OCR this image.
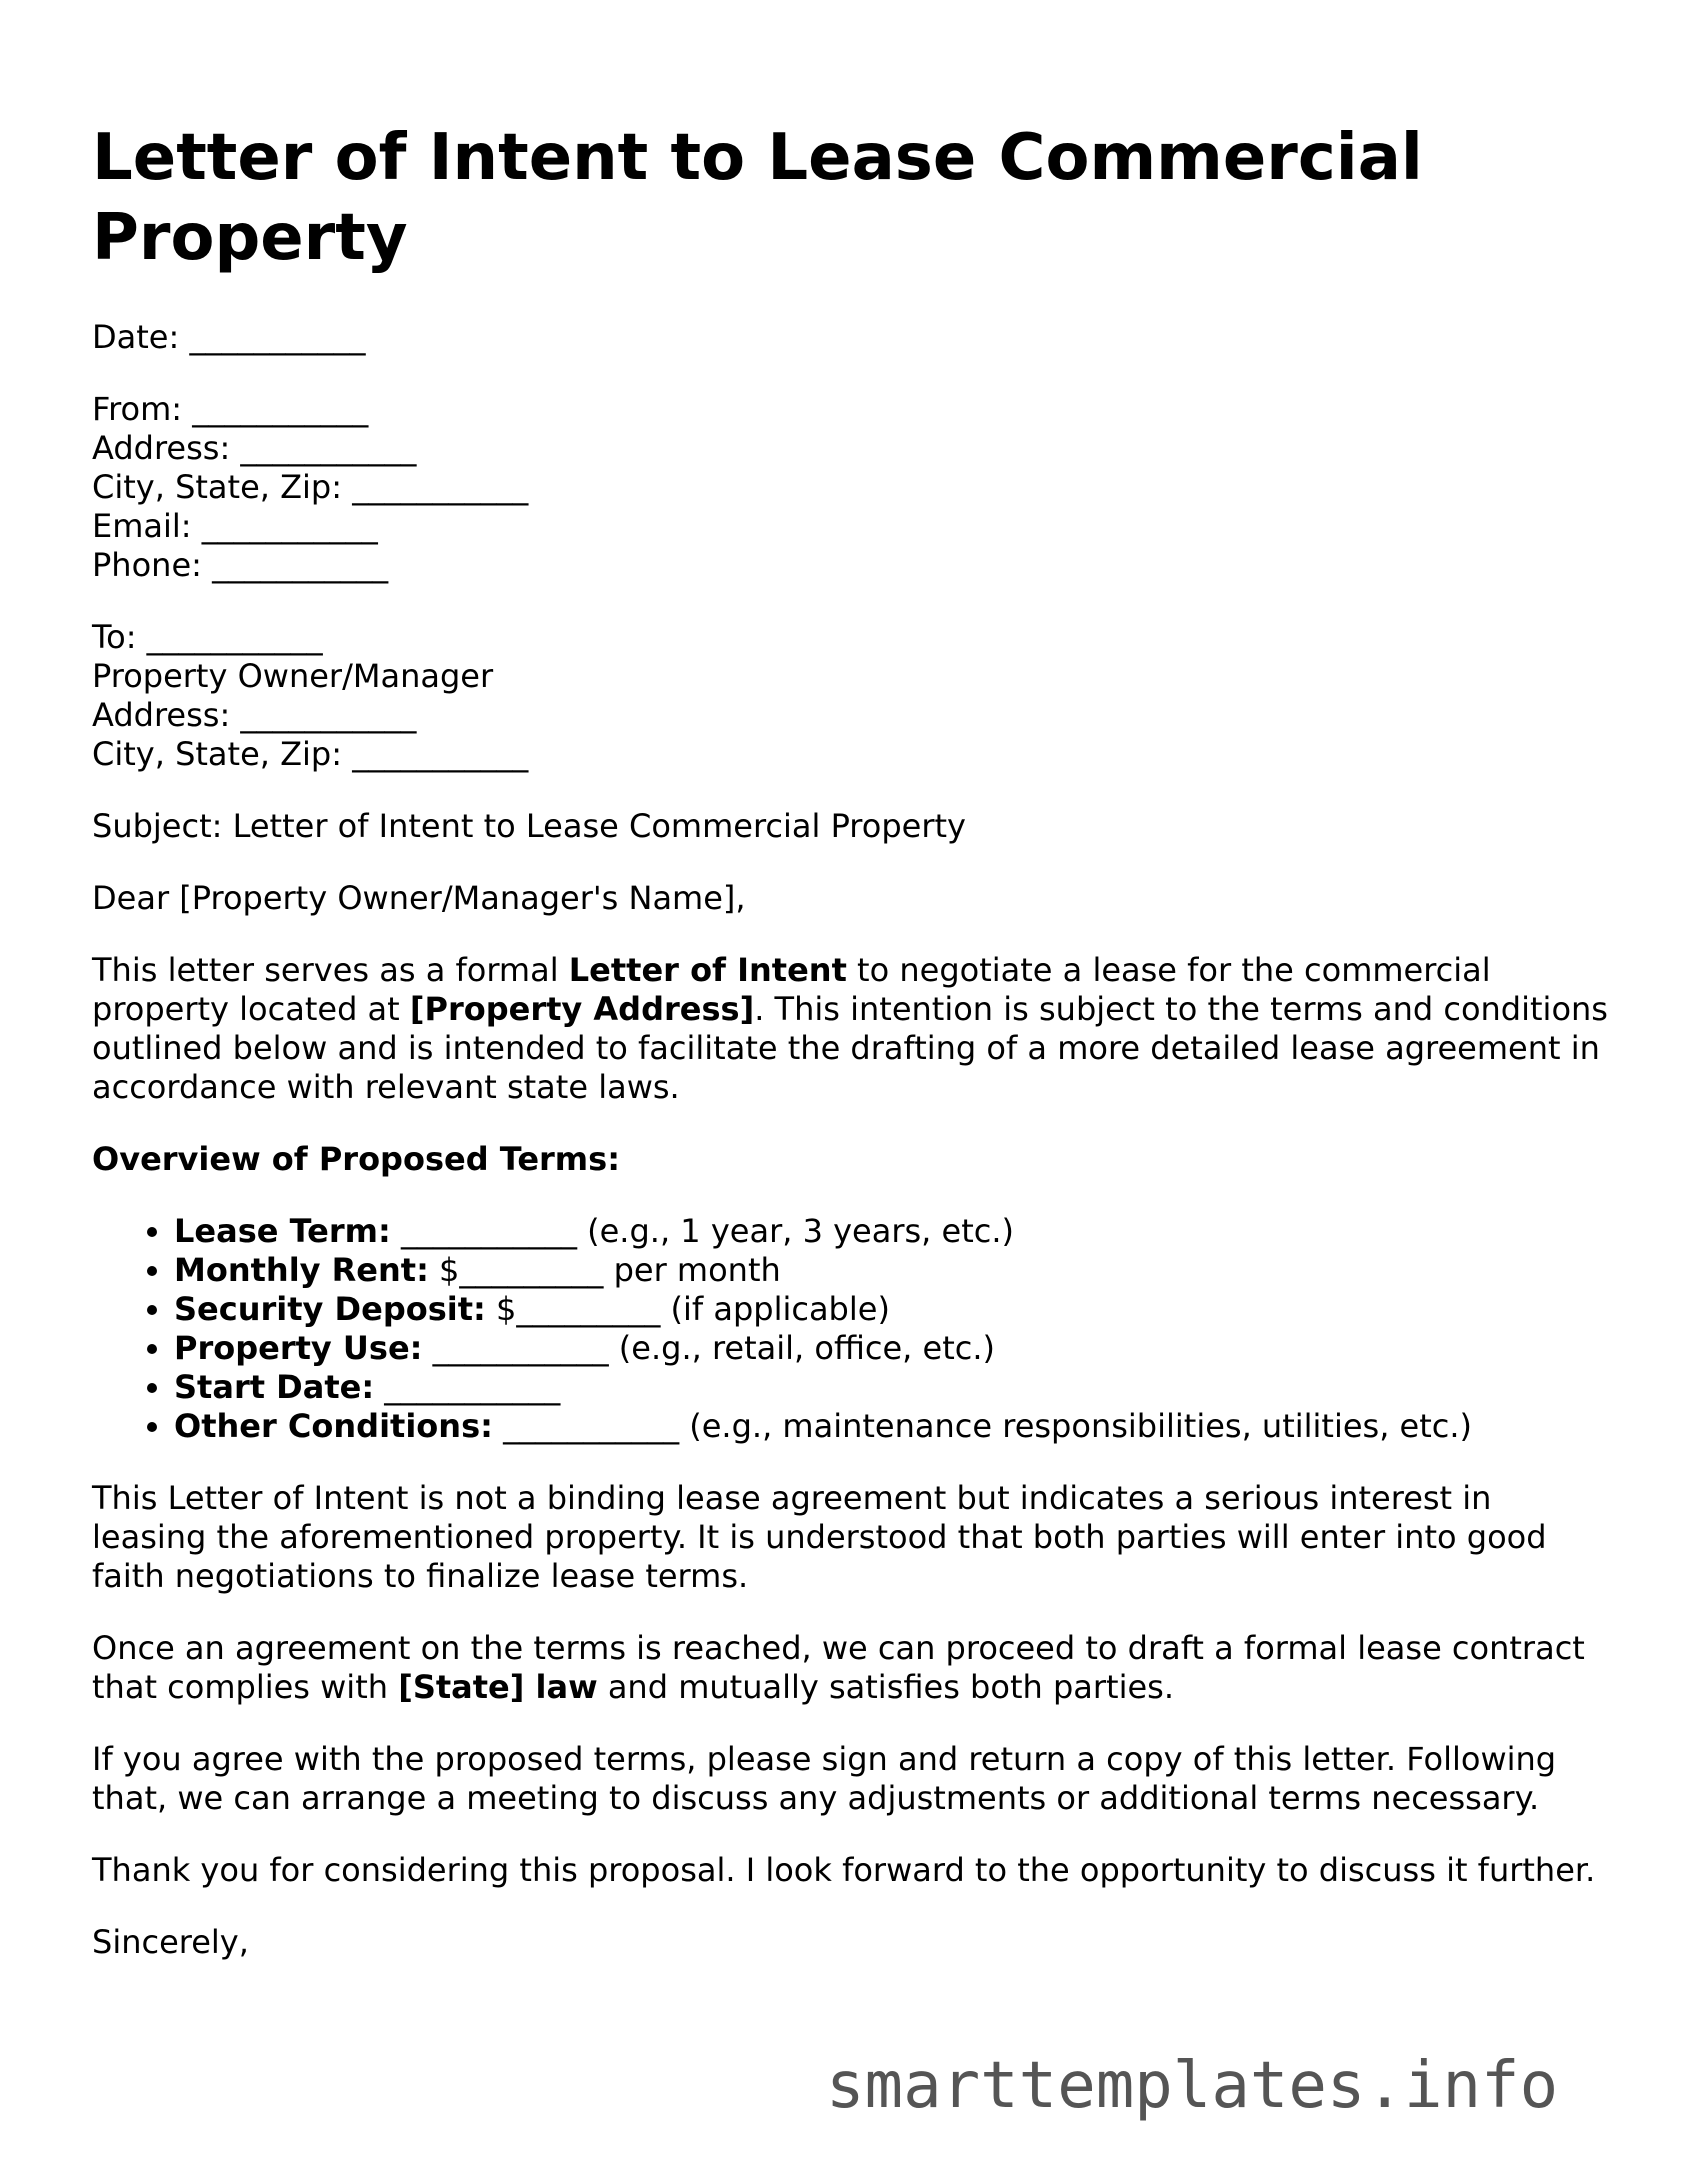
Letter of Intent to Lease Commercial Property
Date: ___________
From: ___________
Address: ___________
City, State, Zip: ___________
Email: ___________
Phone: ___________
To: ___________
Property Owner/Manager
Address: ___________
City, State, Zip: ___________

Subject: Letter of Intent to Lease Commercial Property

Dear [Property Owner/Manager's Name],

This letter serves as a formal Letter of Intent to negotiate a lease for the commercial property located at [Property Address]. This intention is subject to the terms and conditions outlined below and is intended to facilitate the drafting of a more detailed lease agreement in accordance with relevant state laws.

Overview of Proposed Terms:

• Lease Term: ___________ (e.g., 1 year, 3 years, etc.)
• Monthly Rent: $_________ per month
• Security Deposit: $_________ (if applicable)
• Property Use: ___________ (e.g., retail, office, etc.)
• Start Date: ___________
• Other Conditions: ___________ (e.g., maintenance responsibilities, utilities, etc.)

This Letter of Intent is not a binding lease agreement but indicates a serious interest in leasing the aforementioned property. It is understood that both parties will enter into good faith negotiations to finalize lease terms.

Once an agreement on the terms is reached, we can proceed to draft a formal lease contract that complies with [State] law and mutually satisfies both parties.

If you agree with the proposed terms, please sign and return a copy of this letter. Following that, we can arrange a meeting to discuss any adjustments or additional terms necessary.

Thank you for considering this proposal. I look forward to the opportunity to discuss it further.

Sincerely,

smarttemplates.info
